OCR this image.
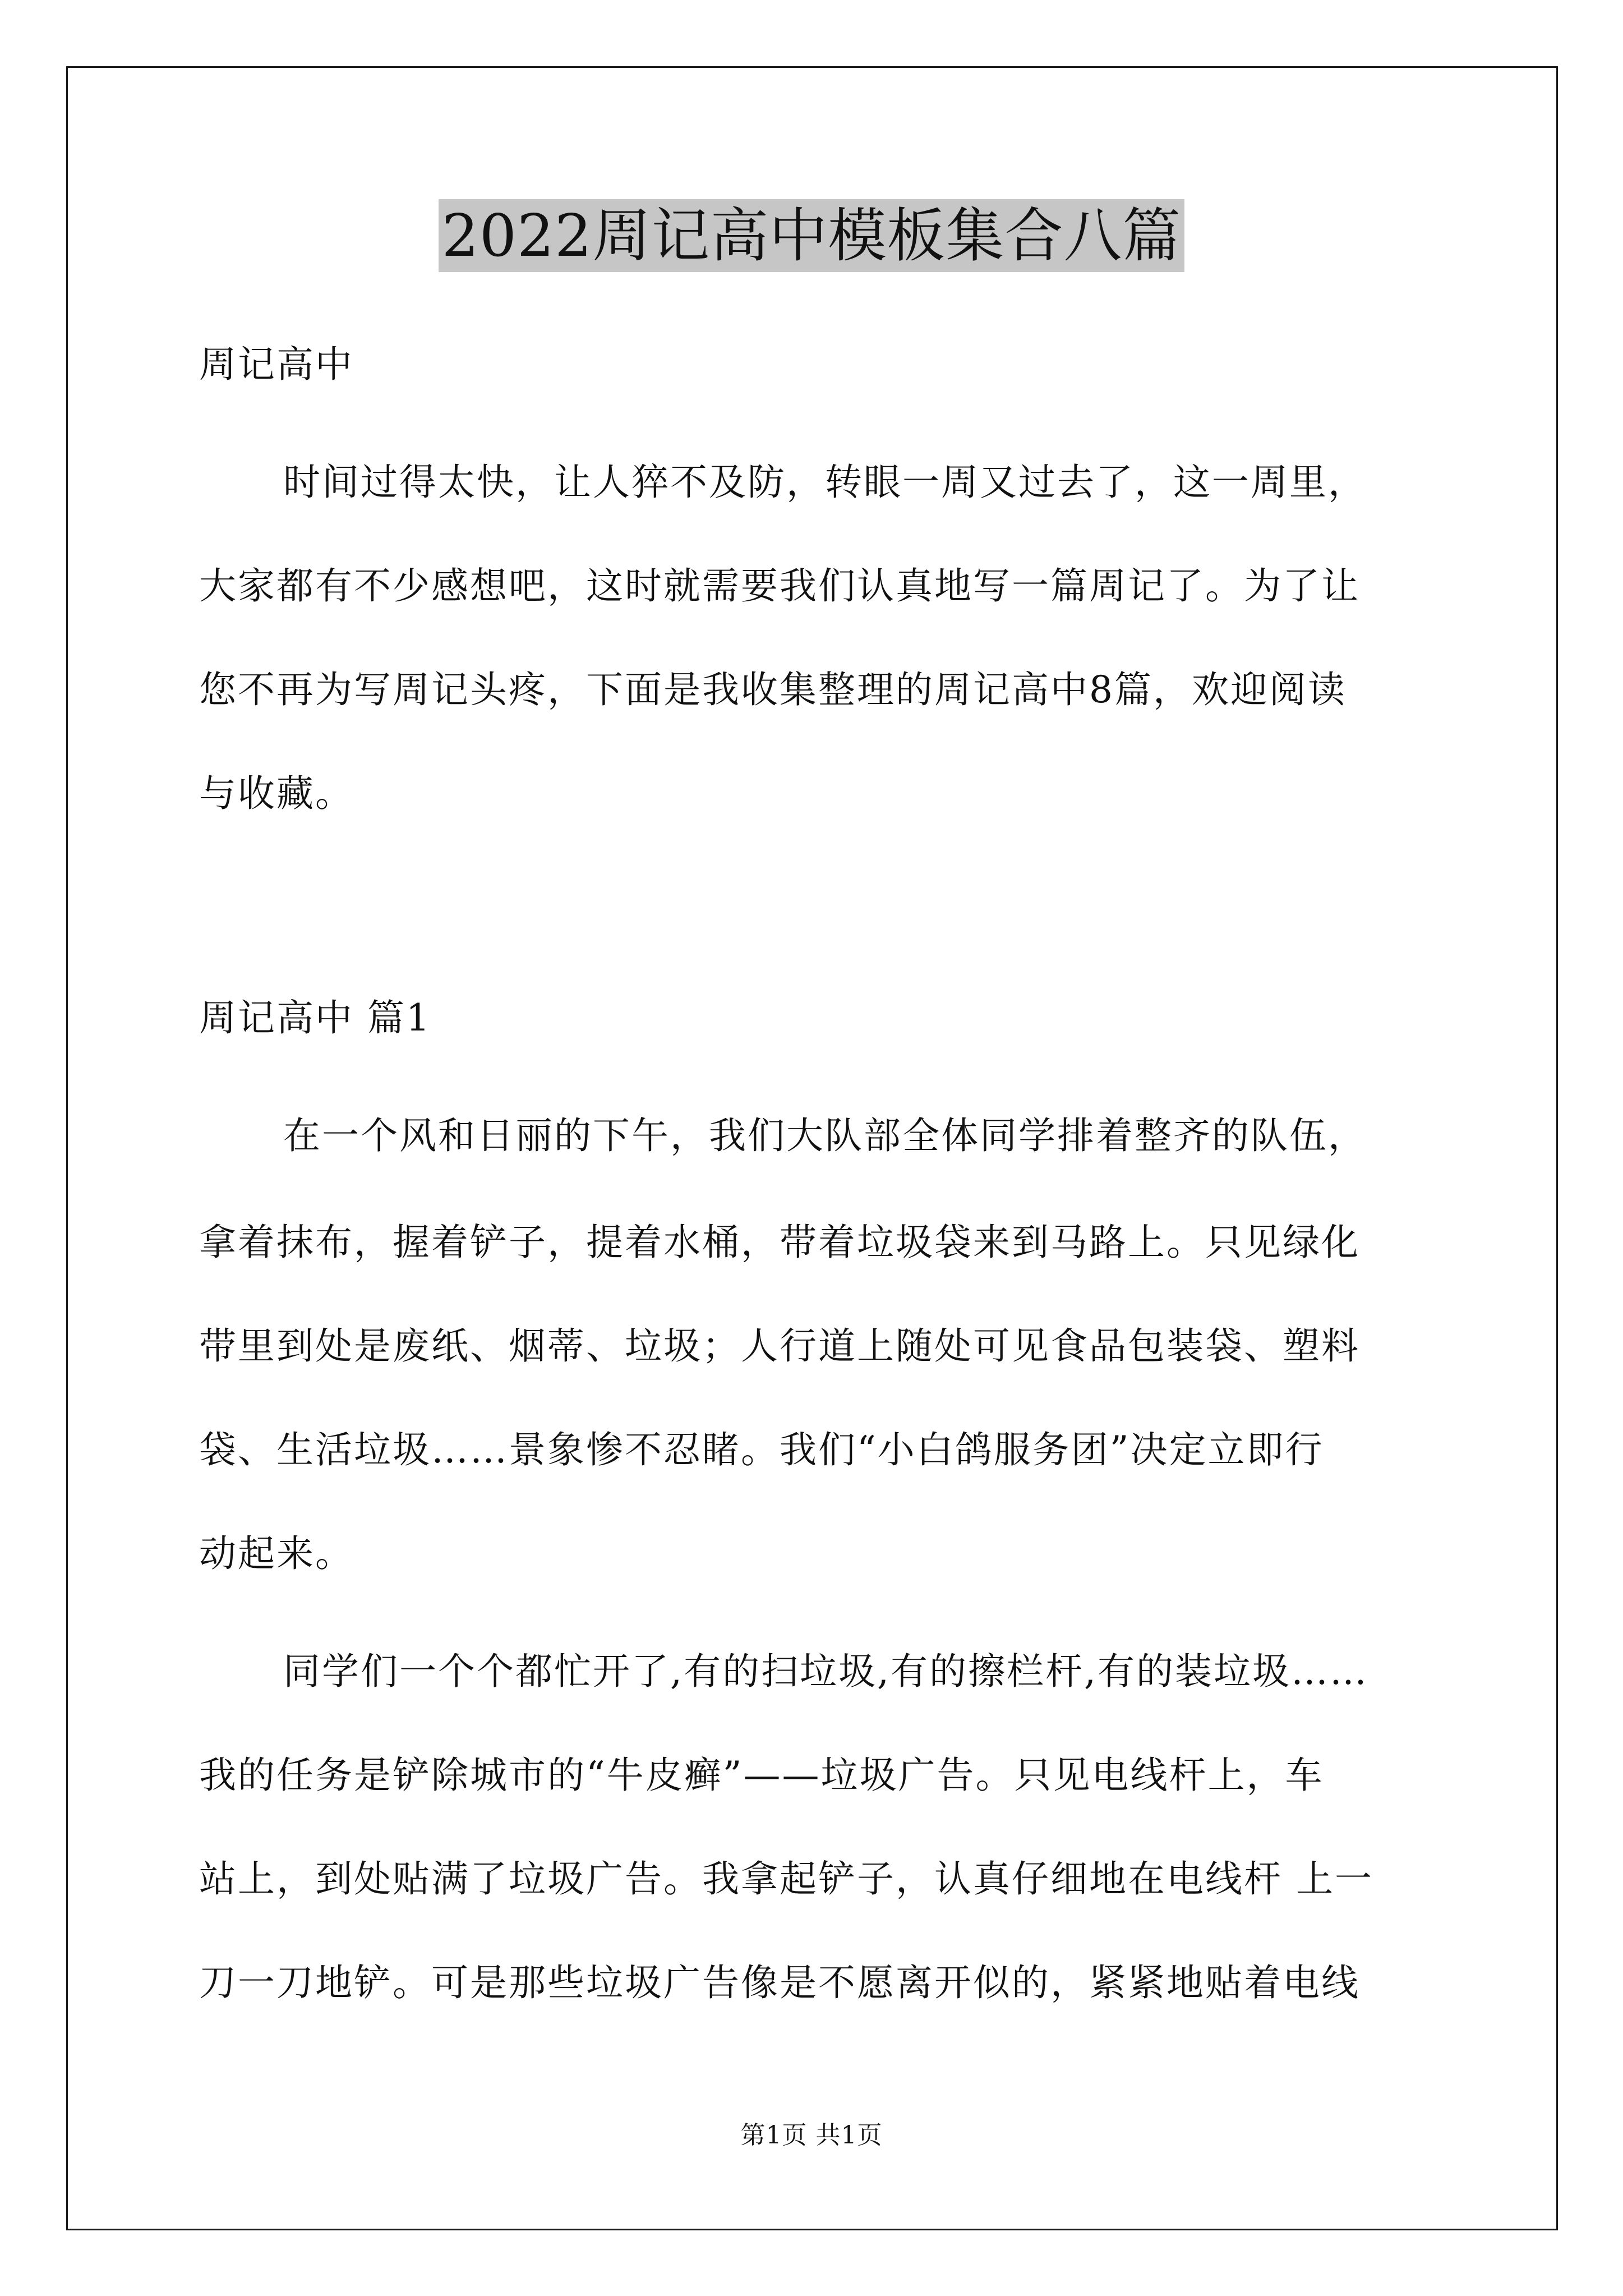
2022周记高中模板集合八篇
周记高中
时间过得太快，让人猝不及防，转眼一周又过去了，这一周里，
大家都有不少感想吧，这时就需要我们认真地写一篇周记了。为了让
您不再为写周记头疼，下面是我收集整理的周记高中8篇，欢迎阅读
与收藏。
周记高中 篇1
在一个风和日丽的下午，我们大队部全体同学排着整齐的队伍，
拿着抹布，握着铲子，提着水桶，带着垃圾袋来到马路上。只见绿化
带里到处是废纸、烟蒂、垃圾；人行道上随处可见食品包装袋、塑料
袋、生活垃圾……景象惨不忍睹。我们“小白鸽服务团”决定立即行
动起来。
同学们一个个都忙开了,有的扫垃圾,有的擦栏杆,有的装垃圾……
我的任务是铲除城市的“牛皮癣”——垃圾广告。只见电线杆上，车
站上，到处贴满了垃圾广告。我拿起铲子，认真仔细地在电线杆 上一
刀一刀地铲。可是那些垃圾广告像是不愿离开似的，紧紧地贴着电线
第1页 共1页
